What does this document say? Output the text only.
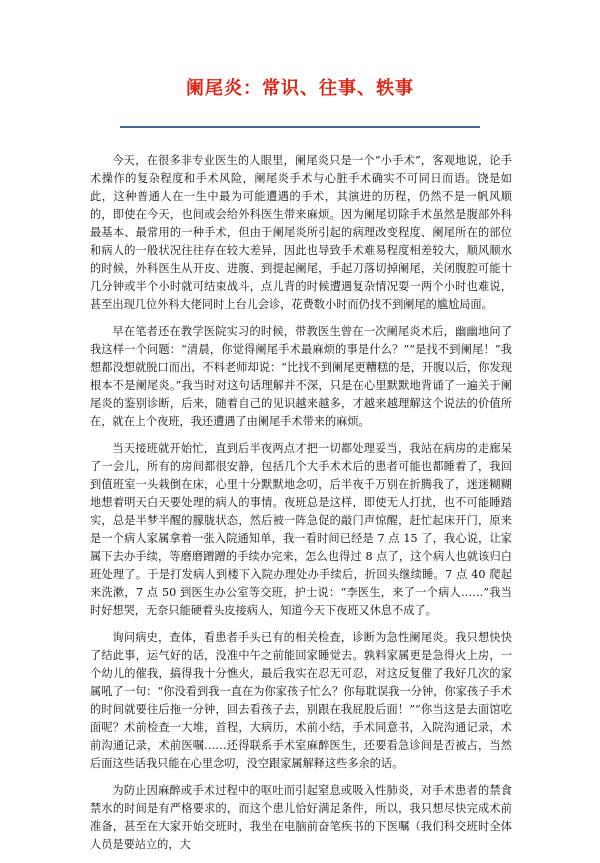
阑尾炎：常识、往事、轶事

今天，在很多非专业医生的人眼里，阑尾炎只是一个“小手术”，客观地说，论手术操作的复杂程度和手术风险，阑尾炎手术与心脏手术确实不可同日而语。饶是如此，这种普通人在一生中最为可能遭遇的手术，其演进的历程，仍然不是一帆风顺的，即使在今天，也间或会给外科医生带来麻烦。因为阑尾切除手术虽然是腹部外科最基本、最常用的一种手术，但由于阑尾炎所引起的病理改变程度、阑尾所在的部位和病人的一般状况往往存在较大差异，因此也导致手术难易程度相差较大，顺风顺水的时候，外科医生从开皮、进腹、到提起阑尾，手起刀落切掉阑尾，关闭腹腔可能十几分钟或半个小时就可结束战斗，点儿背的时候遭遇复杂情况耍一两个小时也难说，甚至出现几位外科大佬同时上台儿会诊，花费数小时而仍找不到阑尾的尴尬局面。

早在笔者还在教学医院实习的时候，带教医生曾在一次阑尾炎术后，幽幽地问了我这样一个问题：“清晨，你觉得阑尾手术最麻烦的事是什么？”“是找不到阑尾！”我想都没想就脱口而出，不料老师却说：“比找不到阑尾更糟糕的是，开腹以后，你发现根本不是阑尾炎。”我当时对这句话理解并不深，只是在心里默默地背诵了一遍关于阑尾炎的鉴别诊断，后来，随着自己的见识越来越多，才越来越理解这个说法的价值所在，就在上个夜班，我还遭遇了由阑尾手术带来的麻烦。

当天接班就开始忙，直到后半夜两点才把一切都处理妥当，我站在病房的走廊呆了一会儿，所有的房间都很安静，包括几个大手术术后的患者可能也都睡着了，我回到值班室一头栽倒在床，心里十分默默地念叨，后半夜千万别在折腾我了，迷迷糊糊地想着明天白天要处理的病人的事情。夜班总是这样，即使无人打扰，也不可能睡踏实，总是半梦半醒的朦胧状态，然后被一阵急促的敲门声惊醒，赶忙起床开门，原来是一个病人家属拿着一张入院通知单，我一看时间已经是 7 点 15 了，我心说，让家属下去办手续，等磨磨蹭蹭的手续办完来，怎么也得过 8 点了，这个病人也就该归白班处理了。于是打发病人到楼下入院办理处办手续后，折回头继续睡。7 点 40 爬起来洗漱，7 点 50 到医生办公室等交班，护士说：“李医生，来了一个病人……”我当时好想哭，无奈只能硬着头皮接病人，知道今天下夜班又休息不成了。

询问病史，查体，看患者手头已有的相关检查，诊断为急性阑尾炎。我只想快快了结此事，运气好的话，没准中午之前能回家睡觉去。孰料家属更是急得火上房，一个幼儿的催我，搞得我十分憔火，最后我实在忍无可忍，对这反复催了我好几次的家属吼了一句：“你没看到我一直在为你家孩子忙么？你每耽误我一分钟，你家孩子手术的时间就要往后拖一分钟，回去看孩子去，别跟在我屁股后面！”“你当这是去面馆吃面呢？术前检查一大堆，首程，大病历，术前小结，手术同意书，入院沟通记录，术前沟通记录，术前医嘱……还得联系手术室麻醉医生，还要看急诊间是否被占，当然后面这些话我只能在心里念叨，没空跟家属解释这些多余的话。

为防止因麻醉或手术过程中的呕吐而引起窒息或吸入性肺炎，对手术患者的禁食禁水的时间是有严格要求的，而这个患儿恰好满足条件，所以，我只想尽快完成术前准备，甚至在大家开始交班时，我坐在电脑前奋笔疾书的下医嘱（我们科交班时全体人员是要站立的，大
